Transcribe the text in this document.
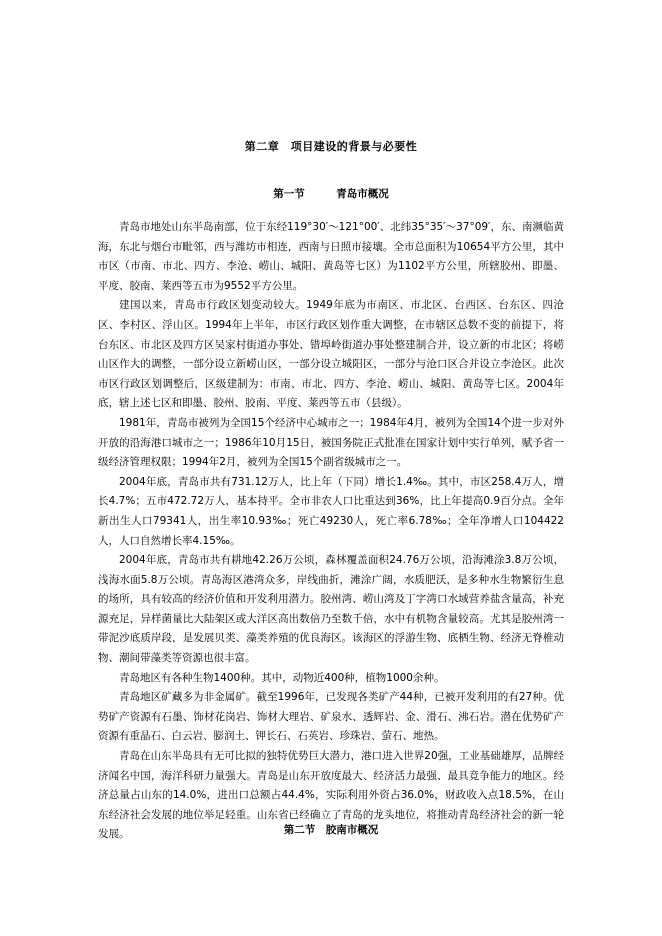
第二章　项目建设的背景与必要性
第一节　　　青岛市概况

青岛市地处山东半岛南部，位于东经119°30′～121°00′、北纬35°35′～37°09′，东、南濒临黄海，东北与烟台市毗邻，西与潍坊市相连，西南与日照市接壤。全市总面积为10654平方公里，其中市区（市南、市北、四方、李沧、崂山、城阳、黄岛等七区）为1102平方公里，所辖胶州、即墨、平度、胶南、莱西等五市为9552平方公里。

建国以来，青岛市行政区划变动较大。1949年底为市南区、市北区、台西区、台东区、四沧区、李村区、浮山区。1994年上半年，市区行政区划作重大调整，在市辖区总数不变的前提下，将台东区、市北区及四方区吴家村街道办事处、错埠岭街道办事处整建制合并，设立新的市北区；将崂山区作大的调整，一部分设立新崂山区，一部分设立城阳区，一部分与沧口区合并设立李沧区。此次市区行政区划调整后，区级建制为：市南、市北、四方、李沧、崂山、城阳、黄岛等七区。2004年底，辖上述七区和即墨、胶州、胶南、平度、莱西等五市（县级）。

1981年，青岛市被列为全国15个经济中心城市之一；1984年4月，被列为全国14个进一步对外开放的沿海港口城市之一；1986年10月15日，被国务院正式批准在国家计划中实行单列，赋予省一级经济管理权限；1994年2月，被列为全国15个副省级城市之一。

2004年底，青岛市共有731.12万人，比上年（下同）增长1.4‰。其中，市区258.4万人，增长4.7%；五市472.72万人，基本持平。全市非农人口比重达到36%，比上年提高0.9百分点。全年新出生人口79341人，出生率10.93‰；死亡49230人，死亡率6.78‰；全年净增人口104422人，人口自然增长率4.15‰。

2004年底，青岛市共有耕地42.26万公顷，森林覆盖面积24.76万公顷，沿海滩涂3.8万公顷，浅海水面5.8万公顷。青岛海区港湾众多，岸线曲折，滩涂广阔，水质肥沃，是多种水生物繁衍生息的场所，具有较高的经济价值和开发利用潜力。胶州湾、崂山湾及丁字湾口水域营养盐含量高，补充源充足，异样菌量比大陆架区或大洋区高出数倍乃至数千倍，水中有机物含量较高。尤其是胶州湾一带泥沙底质岸段，是发展贝类、藻类养殖的优良海区。该海区的浮游生物、底栖生物、经济无脊椎动物、潮间带藻类等资源也很丰富。

青岛地区有各种生物1400种。其中，动物近400种，植物1000余种。

青岛地区矿藏多为非金属矿。截至1996年，已发现各类矿产44种，已被开发利用的有27种。优势矿产资源有石墨、饰材花岗岩、饰材大理岩、矿泉水、透辉岩、金、滑石、沸石岩。潜在优势矿产资源有重晶石、白云岩、膨润土、钾长石、石英岩、珍珠岩、萤石、地热。

青岛在山东半岛具有无可比拟的独特优势巨大潜力，港口进入世界20强，工业基础雄厚，品牌经济闻名中国，海洋科研力量强大。青岛是山东开放度最大、经济活力最强、最具竞争能力的地区。经济总量占山东的14.0%，进出口总额占44.4%，实际利用外资占36.0%，财政收入点18.5%，在山东经济社会发展的地位举足轻重。山东省已经确立了青岛的龙头地位，将推动青岛经济社会的新一轮发展。	第二节　胶南市概况
